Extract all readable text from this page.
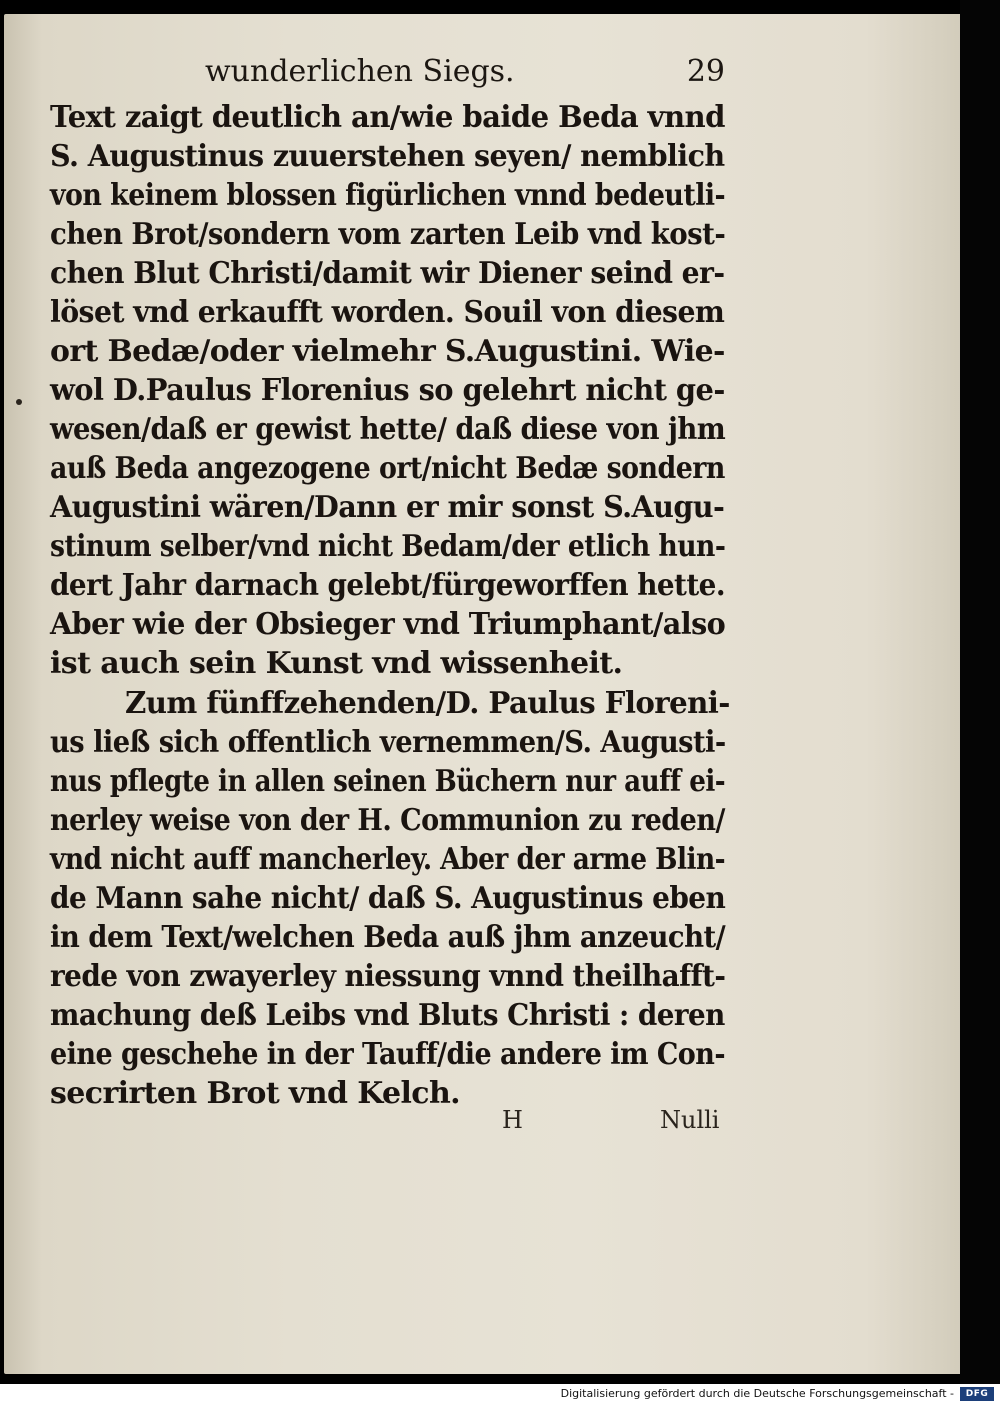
wunderlichen Siegs.	29
Text zaigt deutlich an/wie baide Beda vnnd
S. Augustinus zuuerstehen seyen/ nemblich
von keinem blossen figürlichen vnnd bedeutli-
chen Brot/sondern vom zarten Leib vnd kost-
chen Blut Christi/damit wir Diener seind er-
löset vnd erkaufft worden. Souil von diesem
ort Bedæ/oder vielmehr S.Augustini. Wie-
wol D.Paulus Florenius so gelehrt nicht ge-
wesen/daß er gewist hette/ daß diese von jhm
auß Beda angezogene ort/nicht Bedæ sondern
Augustini wären/Dann er mir sonst S.Augu-
stinum selber/vnd nicht Bedam/der etlich hun-
dert Jahr darnach gelebt/fürgeworffen hette.
Aber wie der Obsieger vnd Triumphant/also
ist auch sein Kunst vnd wissenheit.
Zum fünffzehenden/D. Paulus Floreni-
us ließ sich offentlich vernemmen/S. Augusti-
nus pflegte in allen seinen Büchern nur auff ei-
nerley weise von der H. Communion zu reden/
vnd nicht auff mancherley. Aber der arme Blin-
de Mann sahe nicht/ daß S. Augustinus eben
in dem Text/welchen Beda auß jhm anzeucht/
rede von zwayerley niessung vnnd theilhafft-
machung deß Leibs vnd Bluts Christi : deren
eine geschehe in der Tauff/die andere im Con-
secrirten Brot vnd Kelch.
H	Nulli
Digitalisierung gefördert durch die Deutsche Forschungsgemeinschaft -	DFG
